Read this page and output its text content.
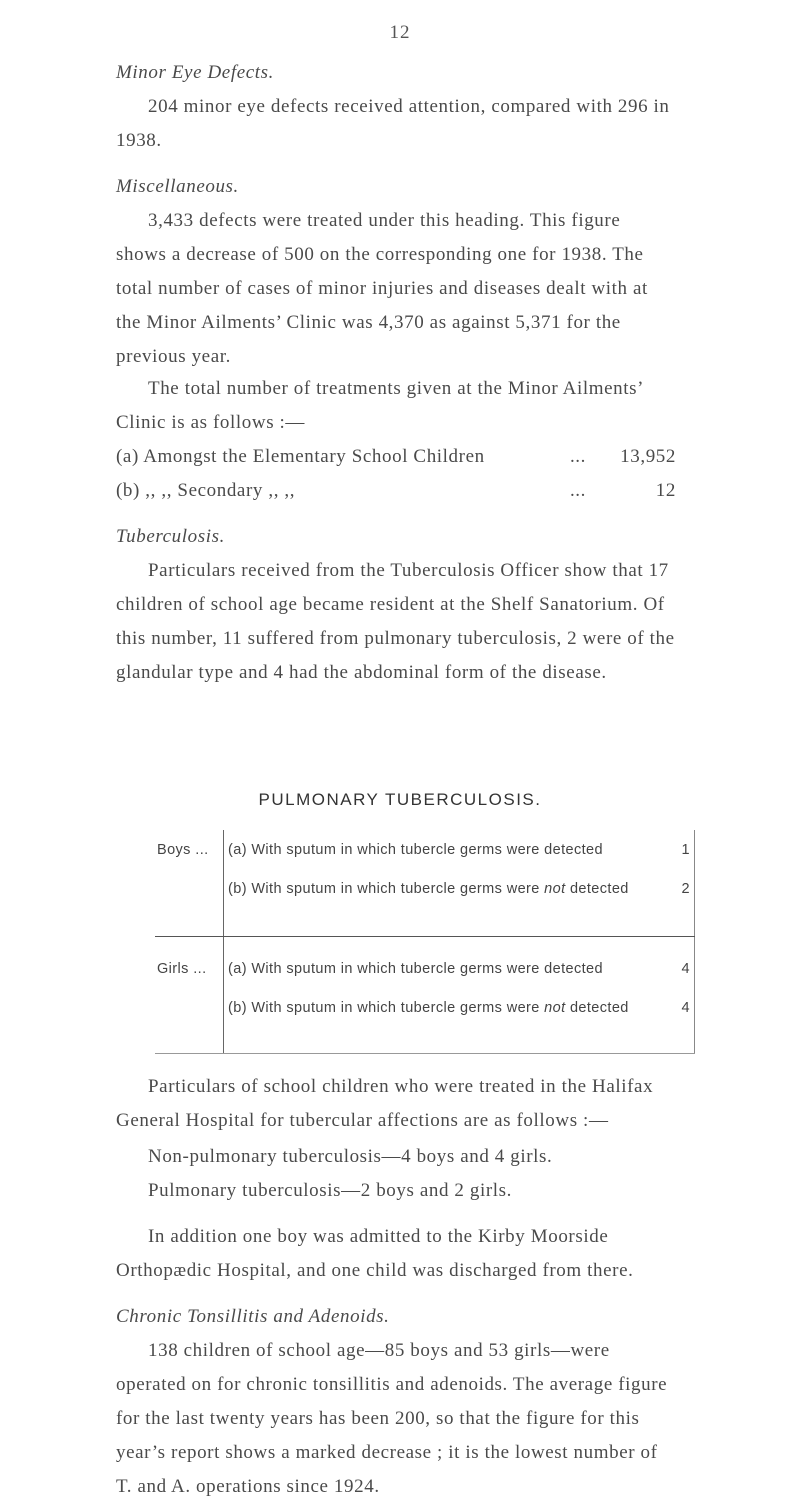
12
Minor Eye Defects.
204 minor eye defects received attention, compared with 296 in 1938.
Miscellaneous.
3,433 defects were treated under this heading. This figure shows a decrease of 500 on the corresponding one for 1938. The total number of cases of minor injuries and diseases dealt with at the Minor Ailments’ Clinic was 4,370 as against 5,371 for the previous year.
The total number of treatments given at the Minor Ailments’ Clinic is as follows :—
(a) Amongst the Elementary School Children	... 13,952
(b) ,, ,, Secondary ,, ,,	...	12
Tuberculosis.
Particulars received from the Tuberculosis Officer show that 17 children of school age became resident at the Shelf Sanatorium. Of this number, 11 suffered from pulmonary tuberculosis, 2 were of the glandular type and 4 had the abdominal form of the disease.
PULMONARY TUBERCULOSIS.
Boys ...	(a) With sputum in which tubercle germs were detected	1
	(b) With sputum in which tubercle germs were not detected	2

Girls ...	(a) With sputum in which tubercle germs were detected	4
	(b) With sputum in which tubercle germs were not detected	4

Particulars of school children who were treated in the Halifax General Hospital for tubercular affections are as follows :—
Non-pulmonary tuberculosis—4 boys and 4 girls.
Pulmonary tuberculosis—2 boys and 2 girls.
In addition one boy was admitted to the Kirby Moorside Orthopædic Hospital, and one child was discharged from there.
Chronic Tonsillitis and Adenoids.
138 children of school age—85 boys and 53 girls—were operated on for chronic tonsillitis and adenoids. The average figure for the last twenty years has been 200, so that the figure for this year’s report shows a marked decrease ; it is the lowest number of T. and A. operations since 1924.
